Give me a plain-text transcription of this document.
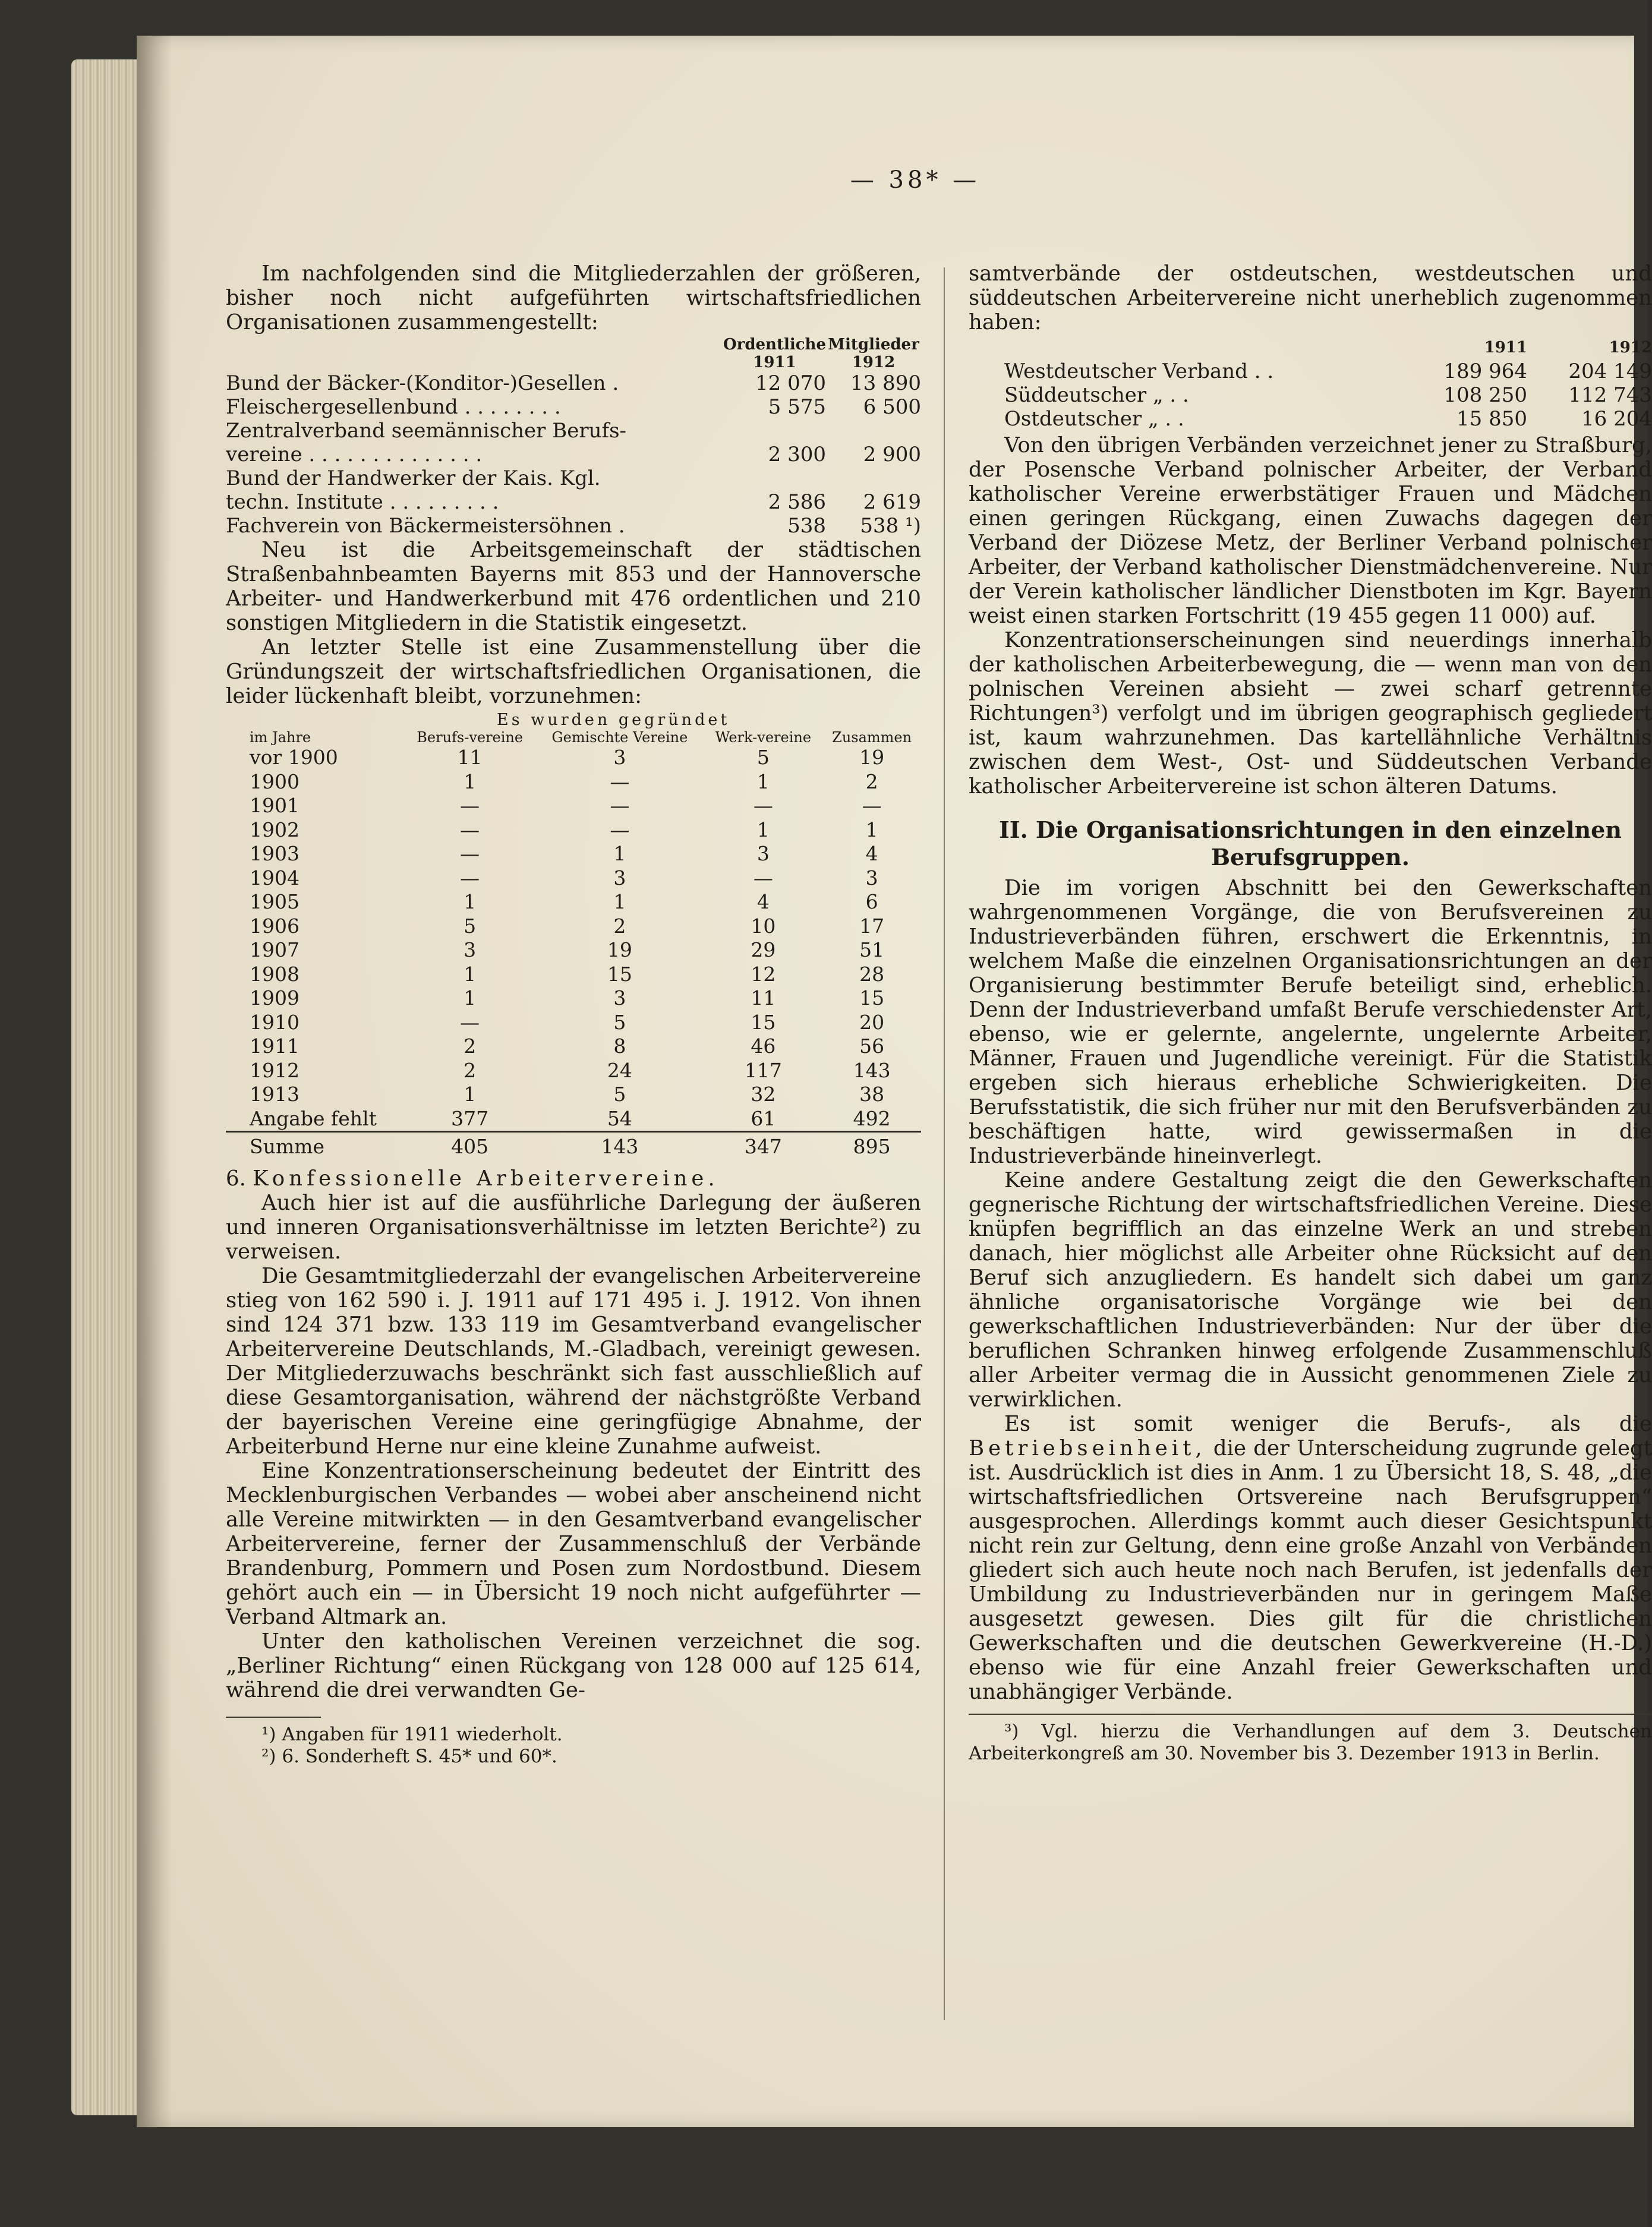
— 38* —

Im nachfolgenden sind die Mitgliederzahlen der größeren, bisher noch nicht aufgeführten wirtschaftsfriedlichen Organisationen zusammengestellt:

	Ordentliche	Mitglieder
	1911	1912
Bund der Bäcker-(Konditor-)Gesellen .	12 070	13 890
Fleischergesellenbund . . . . . . . .	5 575	6 500
Zentralverband seemännischer Berufs-		
vereine . . . . . . . . . . . . . .	2 300	2 900
Bund der Handwerker der Kais. Kgl.		
techn. Institute . . . . . . . . .	2 586	2 619
Fachverein von Bäckermeistersöhnen .	538	538 ¹)

Neu ist die Arbeitsgemeinschaft der städtischen Straßenbahnbeamten Bayerns mit 853 und der Hannoversche Arbeiter- und Handwerkerbund mit 476 ordentlichen und 210 sonstigen Mitgliedern in die Statistik eingesetzt.

An letzter Stelle ist eine Zusammenstellung über die Gründungszeit der wirtschaftsfriedlichen Organisationen, die leider lückenhaft bleibt, vorzunehmen:

	Es wurden gegründet			
im Jahre	Berufs-vereine	Gemischte Vereine	Werk-vereine	Zusammen
vor 1900	11	3	5	19
1900	1	—	1	2
1901	—	—	—	—
1902	—	—	1	1
1903	—	1	3	4
1904	—	3	—	3
1905	1	1	4	6
1906	5	2	10	17
1907	3	19	29	51
1908	1	15	12	28
1909	1	3	11	15
1910	—	5	15	20
1911	2	8	46	56
1912	2	24	117	143
1913	1	5	32	38
Angabe fehlt	377	54	61	492
Summe	405	143	347	895

6. Konfessionelle Arbeitervereine.

Auch hier ist auf die ausführliche Darlegung der äußeren und inneren Organisationsverhältnisse im letzten Berichte²) zu verweisen.

Die Gesamtmitgliederzahl der evangelischen Arbeitervereine stieg von 162 590 i. J. 1911 auf 171 495 i. J. 1912. Von ihnen sind 124 371 bzw. 133 119 im Gesamtverband evangelischer Arbeitervereine Deutschlands, M.-Gladbach, vereinigt gewesen. Der Mitgliederzuwachs beschränkt sich fast ausschließlich auf diese Gesamtorganisation, während der nächstgrößte Verband der bayerischen Vereine eine geringfügige Abnahme, der Arbeiterbund Herne nur eine kleine Zunahme aufweist.

Eine Konzentrationserscheinung bedeutet der Eintritt des Mecklenburgischen Verbandes — wobei aber anscheinend nicht alle Vereine mitwirkten — in den Gesamtverband evangelischer Arbeitervereine, ferner der Zusammenschluß der Verbände Brandenburg, Pommern und Posen zum Nordostbund. Diesem gehört auch ein — in Übersicht 19 noch nicht aufgeführter — Verband Altmark an.

Unter den katholischen Vereinen verzeichnet die sog. „Berliner Richtung“ einen Rückgang von 128 000 auf 125 614, während die drei verwandten Ge-

¹) Angaben für 1911 wiederholt.

²) 6. Sonderheft S. 45* und 60*.

samtverbände der ostdeutschen, westdeutschen und süddeutschen Arbeitervereine nicht unerheblich zugenommen haben:

	1911	1912
Westdeutscher Verband . .	189 964	204 149
Süddeutscher „ . .	108 250	112 743
Ostdeutscher „ . .	15 850	16 204

Von den übrigen Verbänden verzeichnet jener zu Straßburg, der Posensche Verband polnischer Arbeiter, der Verband katholischer Vereine erwerbstätiger Frauen und Mädchen einen geringen Rückgang, einen Zuwachs dagegen der Verband der Diözese Metz, der Berliner Verband polnischer Arbeiter, der Verband katholischer Dienstmädchenvereine. Nur der Verein katholischer ländlicher Dienstboten im Kgr. Bayern weist einen starken Fortschritt (19 455 gegen 11 000) auf.

Konzentrationserscheinungen sind neuerdings innerhalb der katholischen Arbeiterbewegung, die — wenn man von den polnischen Vereinen absieht — zwei scharf getrennte Richtungen³) verfolgt und im übrigen geographisch gegliedert ist, kaum wahrzunehmen. Das kartellähnliche Verhältnis zwischen dem West-, Ost- und Süddeutschen Verbande katholischer Arbeitervereine ist schon älteren Datums.

II. Die Organisationsrichtungen in den einzelnen
Berufsgruppen.

Die im vorigen Abschnitt bei den Gewerkschaften wahrgenommenen Vorgänge, die von Berufsvereinen zu Industrieverbänden führen, erschwert die Erkenntnis, in welchem Maße die einzelnen Organisationsrichtungen an der Organisierung bestimmter Berufe beteiligt sind, erheblich. Denn der Industrieverband umfaßt Berufe verschiedenster Art, ebenso, wie er gelernte, angelernte, ungelernte Arbeiter, Männer, Frauen und Jugendliche vereinigt. Für die Statistik ergeben sich hieraus erhebliche Schwierigkeiten. Die Berufsstatistik, die sich früher nur mit den Berufsverbänden zu beschäftigen hatte, wird gewissermaßen in die Industrieverbände hineinverlegt.

Keine andere Gestaltung zeigt die den Gewerkschaften gegnerische Richtung der wirtschaftsfriedlichen Vereine. Diese knüpfen begrifflich an das einzelne Werk an und streben danach, hier möglichst alle Arbeiter ohne Rücksicht auf den Beruf sich anzugliedern. Es handelt sich dabei um ganz ähnliche organisatorische Vorgänge wie bei den gewerkschaftlichen Industrieverbänden: Nur der über die beruflichen Schranken hinweg erfolgende Zusammenschluß aller Arbeiter vermag die in Aussicht genommenen Ziele zu verwirklichen.

Es ist somit weniger die Berufs-, als die Betriebseinheit, die der Unterscheidung zugrunde gelegt ist. Ausdrücklich ist dies in Anm. 1 zu Übersicht 18, S. 48, „die wirtschaftsfriedlichen Ortsvereine nach Berufsgruppen“ ausgesprochen. Allerdings kommt auch dieser Gesichtspunkt nicht rein zur Geltung, denn eine große Anzahl von Verbänden gliedert sich auch heute noch nach Berufen, ist jedenfalls der Umbildung zu Industrieverbänden nur in geringem Maße ausgesetzt gewesen. Dies gilt für die christlichen Gewerkschaften und die deutschen Gewerkvereine (H.-D.) ebenso wie für eine Anzahl freier Gewerkschaften und unabhängiger Verbände.

³) Vgl. hierzu die Verhandlungen auf dem 3. Deutschen Arbeiterkongreß am 30. November bis 3. Dezember 1913 in Berlin.
